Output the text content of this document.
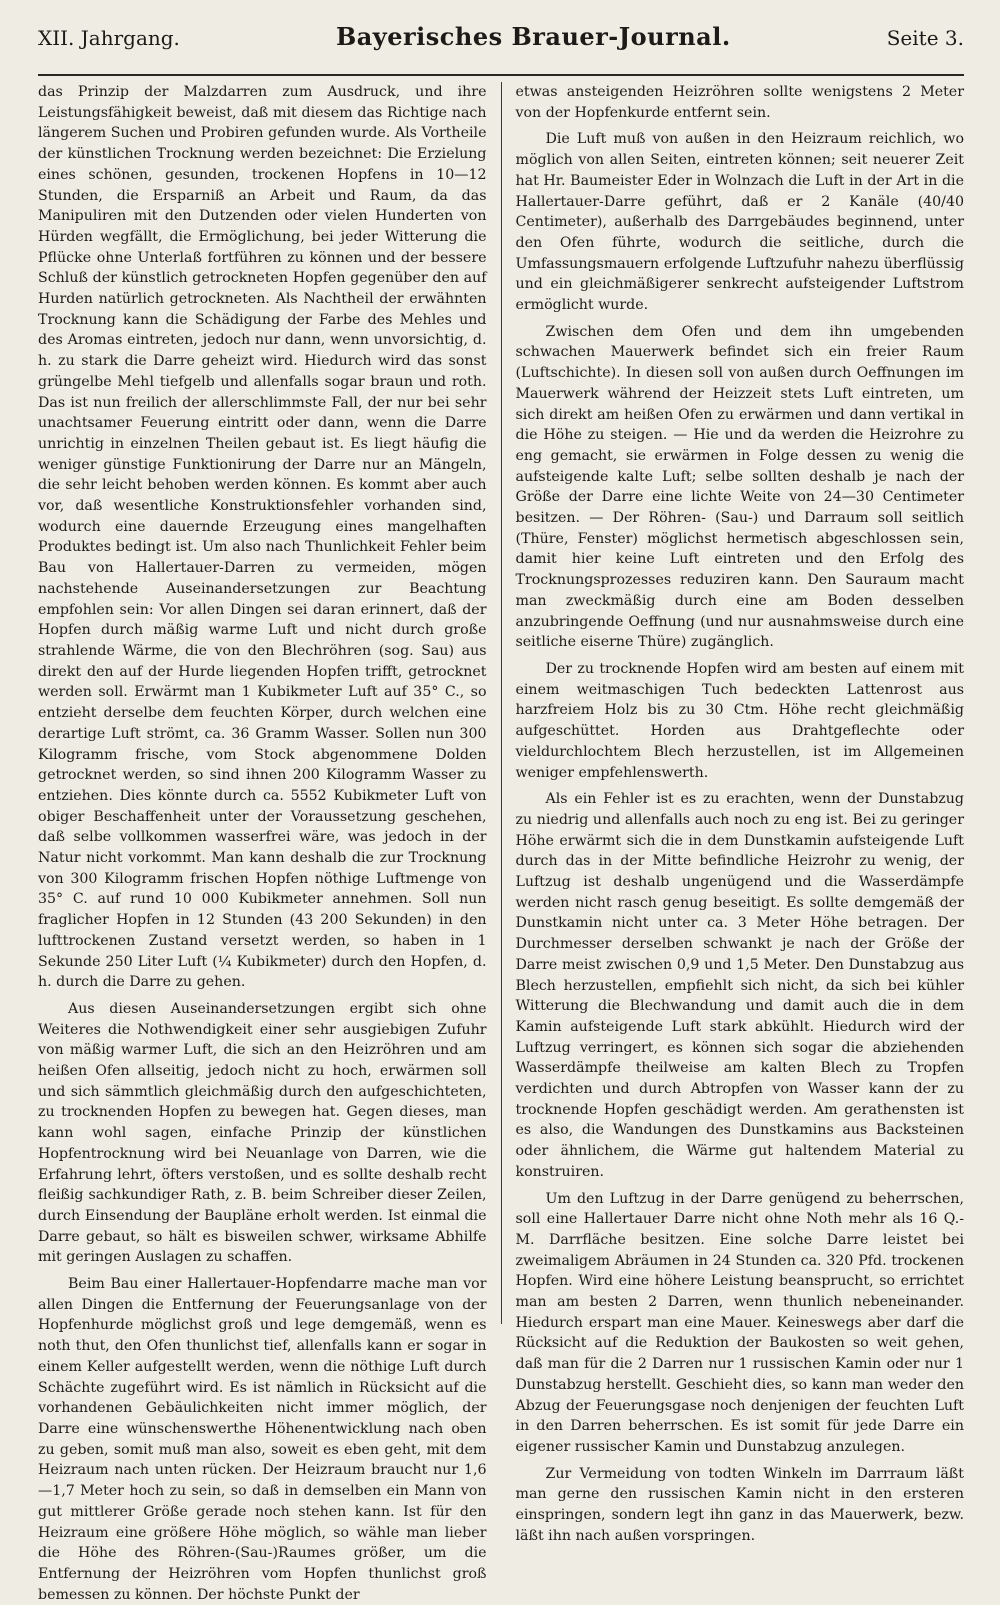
XII. Jahrgang.	Bayerisches Brauer-Journal.	Seite 3.

das Prinzip der Malzdarren zum Ausdruck, und ihre Leistungsfähigkeit beweist, daß mit diesem das Richtige nach längerem Suchen und Probiren gefunden wurde. Als Vortheile der künstlichen Trocknung werden bezeichnet: Die Erzielung eines schönen, gesunden, trockenen Hopfens in 10—12 Stunden, die Ersparniß an Arbeit und Raum, da das Manipuliren mit den Dutzenden oder vielen Hunderten von Hürden wegfällt, die Ermöglichung, bei jeder Witterung die Pflücke ohne Unterlaß fortführen zu können und der bessere Schluß der künstlich getrockneten Hopfen gegenüber den auf Hurden natürlich getrockneten. Als Nachtheil der erwähnten Trocknung kann die Schädigung der Farbe des Mehles und des Aromas eintreten, jedoch nur dann, wenn unvorsichtig, d. h. zu stark die Darre geheizt wird. Hiedurch wird das sonst grüngelbe Mehl tiefgelb und allenfalls sogar braun und roth. Das ist nun freilich der allerschlimmste Fall, der nur bei sehr unachtsamer Feuerung eintritt oder dann, wenn die Darre unrichtig in einzelnen Theilen gebaut ist. Es liegt häufig die weniger günstige Funktionirung der Darre nur an Mängeln, die sehr leicht behoben werden können. Es kommt aber auch vor, daß wesentliche Konstruktionsfehler vorhanden sind, wodurch eine dauernde Erzeugung eines mangelhaften Produktes bedingt ist. Um also nach Thunlichkeit Fehler beim Bau von Hallertauer-Darren zu vermeiden, mögen nachstehende Auseinandersetzungen zur Beachtung empfohlen sein: Vor allen Dingen sei daran erinnert, daß der Hopfen durch mäßig warme Luft und nicht durch große strahlende Wärme, die von den Blechröhren (sog. Sau) aus direkt den auf der Hurde liegenden Hopfen trifft, getrocknet werden soll. Erwärmt man 1 Kubikmeter Luft auf 35° C., so entzieht derselbe dem feuchten Körper, durch welchen eine derartige Luft strömt, ca. 36 Gramm Wasser. Sollen nun 300 Kilogramm frische, vom Stock abgenommene Dolden getrocknet werden, so sind ihnen 200 Kilogramm Wasser zu entziehen. Dies könnte durch ca. 5552 Kubikmeter Luft von obiger Beschaffenheit unter der Voraussetzung geschehen, daß selbe vollkommen wasserfrei wäre, was jedoch in der Natur nicht vorkommt. Man kann deshalb die zur Trocknung von 300 Kilogramm frischen Hopfen nöthige Luftmenge von 35° C. auf rund 10 000 Kubikmeter annehmen. Soll nun fraglicher Hopfen in 12 Stunden (43 200 Sekunden) in den lufttrockenen Zustand versetzt werden, so haben in 1 Sekunde 250 Liter Luft (¼ Kubikmeter) durch den Hopfen, d. h. durch die Darre zu gehen.

Aus diesen Auseinandersetzungen ergibt sich ohne Weiteres die Nothwendigkeit einer sehr ausgiebigen Zufuhr von mäßig warmer Luft, die sich an den Heizröhren und am heißen Ofen allseitig, jedoch nicht zu hoch, erwärmen soll und sich sämmtlich gleichmäßig durch den aufgeschichteten, zu trocknenden Hopfen zu bewegen hat. Gegen dieses, man kann wohl sagen, einfache Prinzip der künstlichen Hopfentrocknung wird bei Neuanlage von Darren, wie die Erfahrung lehrt, öfters verstoßen, und es sollte deshalb recht fleißig sachkundiger Rath, z. B. beim Schreiber dieser Zeilen, durch Einsendung der Baupläne erholt werden. Ist einmal die Darre gebaut, so hält es bisweilen schwer, wirksame Abhilfe mit geringen Auslagen zu schaffen.

Beim Bau einer Hallertauer-Hopfendarre mache man vor allen Dingen die Entfernung der Feuerungsanlage von der Hopfenhurde möglichst groß und lege demgemäß, wenn es noth thut, den Ofen thunlichst tief, allenfalls kann er sogar in einem Keller aufgestellt werden, wenn die nöthige Luft durch Schächte zugeführt wird. Es ist nämlich in Rücksicht auf die vorhandenen Gebäulichkeiten nicht immer möglich, der Darre eine wünschenswerthe Höhenentwicklung nach oben zu geben, somit muß man also, soweit es eben geht, mit dem Heizraum nach unten rücken. Der Heizraum braucht nur 1,6—1,7 Meter hoch zu sein, so daß in demselben ein Mann von gut mittlerer Größe gerade noch stehen kann. Ist für den Heizraum eine größere Höhe möglich, so wähle man lieber die Höhe des Röhren-(Sau-)Raumes größer, um die Entfernung der Heizröhren vom Hopfen thunlichst groß bemessen zu können. Der höchste Punkt der

etwas ansteigenden Heizröhren sollte wenigstens 2 Meter von der Hopfenkurde entfernt sein.

Die Luft muß von außen in den Heizraum reichlich, wo möglich von allen Seiten, eintreten können; seit neuerer Zeit hat Hr. Baumeister Eder in Wolnzach die Luft in der Art in die Hallertauer-Darre geführt, daß er 2 Kanäle (40/40 Centimeter), außerhalb des Darrgebäudes beginnend, unter den Ofen führte, wodurch die seitliche, durch die Umfassungsmauern erfolgende Luftzufuhr nahezu überflüssig und ein gleichmäßigerer senkrecht aufsteigender Luftstrom ermöglicht wurde.

Zwischen dem Ofen und dem ihn umgebenden schwachen Mauerwerk befindet sich ein freier Raum (Luftschichte). In diesen soll von außen durch Oeffnungen im Mauerwerk während der Heizzeit stets Luft eintreten, um sich direkt am heißen Ofen zu erwärmen und dann vertikal in die Höhe zu steigen. — Hie und da werden die Heizrohre zu eng gemacht, sie erwärmen in Folge dessen zu wenig die aufsteigende kalte Luft; selbe sollten deshalb je nach der Größe der Darre eine lichte Weite von 24—30 Centimeter besitzen. — Der Röhren- (Sau-) und Darraum soll seitlich (Thüre, Fenster) möglichst hermetisch abgeschlossen sein, damit hier keine Luft eintreten und den Erfolg des Trocknungsprozesses reduziren kann. Den Sauraum macht man zweckmäßig durch eine am Boden desselben anzubringende Oeffnung (und nur ausnahmsweise durch eine seitliche eiserne Thüre) zugänglich.

Der zu trocknende Hopfen wird am besten auf einem mit einem weitmaschigen Tuch bedeckten Lattenrost aus harzfreiem Holz bis zu 30 Ctm. Höhe recht gleichmäßig aufgeschüttet. Horden aus Drahtgeflechte oder vieldurchlochtem Blech herzustellen, ist im Allgemeinen weniger empfehlenswerth.

Als ein Fehler ist es zu erachten, wenn der Dunstabzug zu niedrig und allenfalls auch noch zu eng ist. Bei zu geringer Höhe erwärmt sich die in dem Dunstkamin aufsteigende Luft durch das in der Mitte befindliche Heizrohr zu wenig, der Luftzug ist deshalb ungenügend und die Wasserdämpfe werden nicht rasch genug beseitigt. Es sollte demgemäß der Dunstkamin nicht unter ca. 3 Meter Höhe betragen. Der Durchmesser derselben schwankt je nach der Größe der Darre meist zwischen 0,9 und 1,5 Meter. Den Dunstabzug aus Blech herzustellen, empfiehlt sich nicht, da sich bei kühler Witterung die Blechwandung und damit auch die in dem Kamin aufsteigende Luft stark abkühlt. Hiedurch wird der Luftzug verringert, es können sich sogar die abziehenden Wasserdämpfe theilweise am kalten Blech zu Tropfen verdichten und durch Abtropfen von Wasser kann der zu trocknende Hopfen geschädigt werden. Am gerathensten ist es also, die Wandungen des Dunstkamins aus Backsteinen oder ähnlichem, die Wärme gut haltendem Material zu konstruiren.

Um den Luftzug in der Darre genügend zu beherrschen, soll eine Hallertauer Darre nicht ohne Noth mehr als 16 Q.-M. Darrfläche besitzen. Eine solche Darre leistet bei zweimaligem Abräumen in 24 Stunden ca. 320 Pfd. trockenen Hopfen. Wird eine höhere Leistung beansprucht, so errichtet man am besten 2 Darren, wenn thunlich nebeneinander. Hiedurch erspart man eine Mauer. Keineswegs aber darf die Rücksicht auf die Reduktion der Baukosten so weit gehen, daß man für die 2 Darren nur 1 russischen Kamin oder nur 1 Dunstabzug herstellt. Geschieht dies, so kann man weder den Abzug der Feuerungsgase noch denjenigen der feuchten Luft in den Darren beherrschen. Es ist somit für jede Darre ein eigener russischer Kamin und Dunstabzug anzulegen.

Zur Vermeidung von todten Winkeln im Darrraum läßt man gerne den russischen Kamin nicht in den ersteren einspringen, sondern legt ihn ganz in das Mauerwerk, bezw. läßt ihn nach außen vorspringen.
